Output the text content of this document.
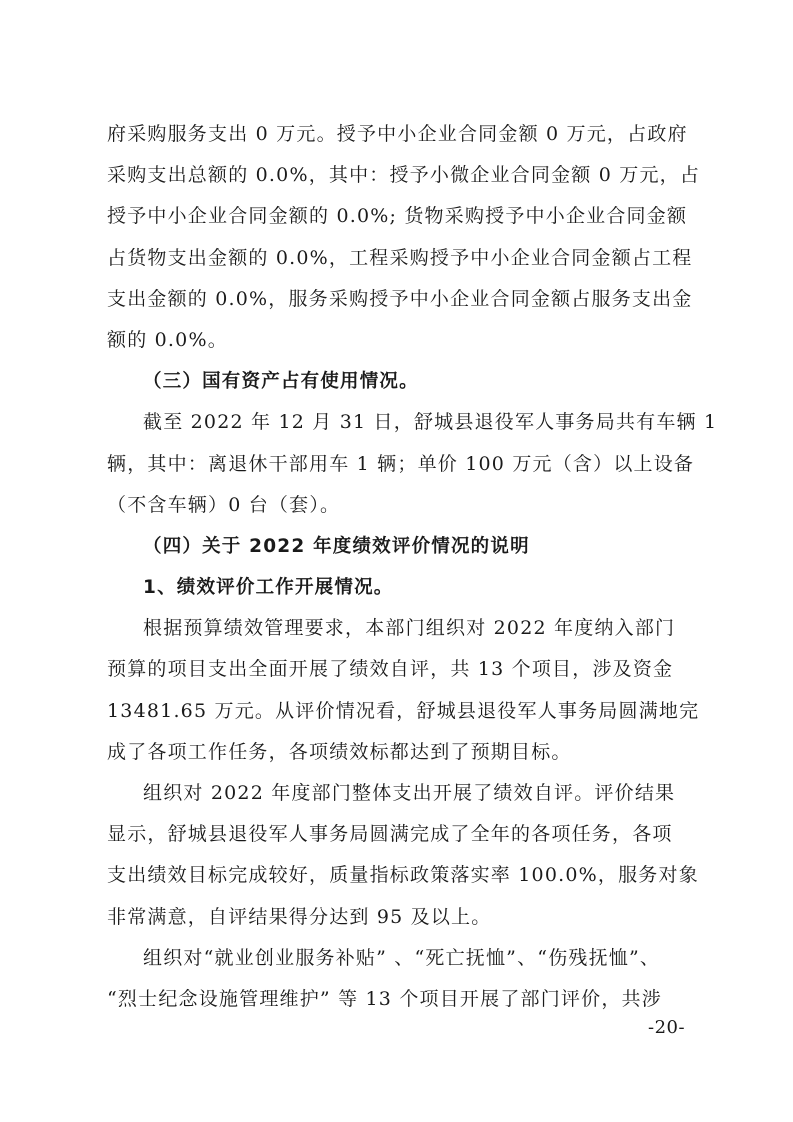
府采购服务支出 0 万元。授予中小企业合同金额 0 万元，占政府
采购支出总额的 0.0%，其中：授予小微企业合同金额 0 万元，占
授予中小企业合同金额的 0.0%; 货物采购授予中小企业合同金额
占货物支出金额的 0.0%，工程采购授予中小企业合同金额占工程
支出金额的 0.0%，服务采购授予中小企业合同金额占服务支出金
额的 0.0%。
（三）国有资产占有使用情况。
截至 2022 年 12 月 31 日，舒城县退役军人事务局共有车辆 1
辆，其中：离退休干部用车 1 辆；单价 100 万元（含）以上设备
（不含车辆）0 台（套）。
（四）关于 2022 年度绩效评价情况的说明
1、绩效评价工作开展情况。
根据预算绩效管理要求，本部门组织对 2022 年度纳入部门
预算的项目支出全面开展了绩效自评，共 13 个项目，涉及资金
13481.65 万元。从评价情况看，舒城县退役军人事务局圆满地完
成了各项工作任务，各项绩效标都达到了预期目标。
组织对 2022 年度部门整体支出开展了绩效自评。评价结果
显示，舒城县退役军人事务局圆满完成了全年的各项任务，各项
支出绩效目标完成较好，质量指标政策落实率 100.0%，服务对象
非常满意，自评结果得分达到 95 及以上。
组织对“就业创业服务补贴” 、“死亡抚恤”、“伤残抚恤”、
“烈士纪念设施管理维护” 等 13 个项目开展了部门评价，共涉
-20-
